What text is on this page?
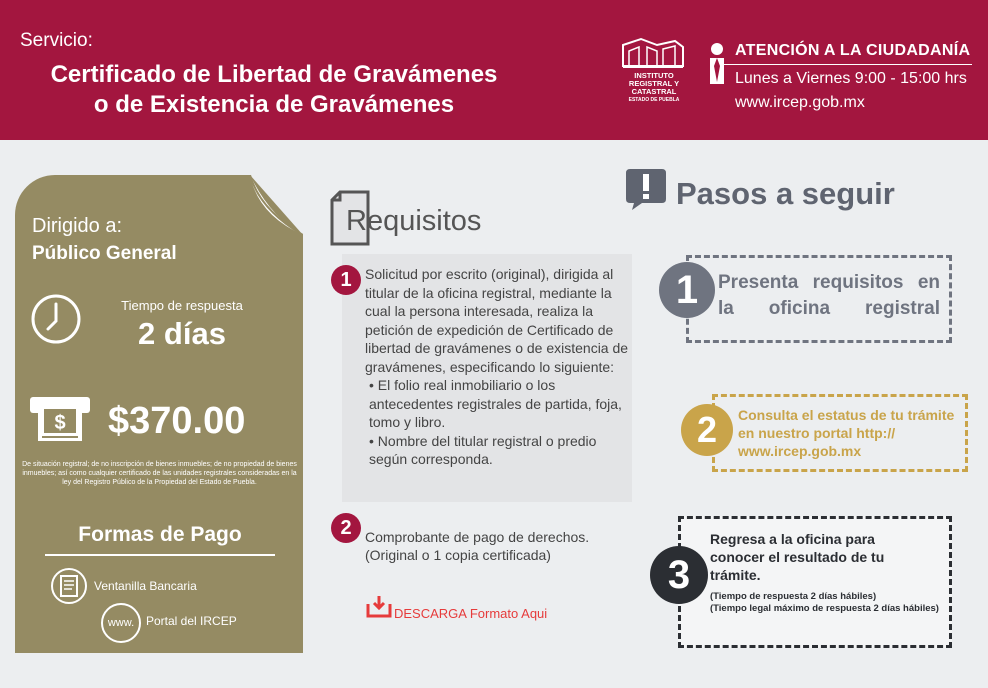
Servicio:
Certificado de Libertad de Gravámenes
o de Existencia de Gravámenes
INSTITUTO
REGISTRAL Y
CATASTRAL
ESTADO DE PUEBLA
ATENCIÓN A LA CIUDADANÍA
Lunes a Viernes 9:00 - 15:00 hrs
www.ircep.gob.mx
Dirigido a:
Público General
Tiempo de respuesta
2 días
$ $370.00
De situación registral; de no inscripción de bienes inmuebles; de no propiedad de bienes inmuebles; así como cualquier certificado de las unidades registrales consideradas en la ley del Registro Público de la Propiedad del Estado de Puebla.
Formas de Pago
Ventanilla Bancaria
www. Portal del IRCEP
Requisitos
1 Solicitud por escrito (original), dirigida al titular de la oficina registral, mediante la cual la persona interesada, realiza la petición de expedición de Certificado de libertad de gravámenes o de existencia de gravámenes, especificando lo siguiente:
• El folio real inmobiliario o los antecedentes registrales de partida, foja, tomo y libro.
• Nombre del titular registral o predio según corresponda.
2 Comprobante de pago de derechos. (Original o 1 copia certificada)
DESCARGA Formato Aqui
Pasos a seguir
1	Presenta requisitos en la oficina registral
2	Consulta el estatus de tu trámite en nuestro portal http:// www.ircep.gob.mx
3
Regresa a la oficina para conocer el resultado de tu trámite.
(Tiempo de respuesta 2 días hábiles)
(Tiempo legal máximo de respuesta 2 días hábiles)
